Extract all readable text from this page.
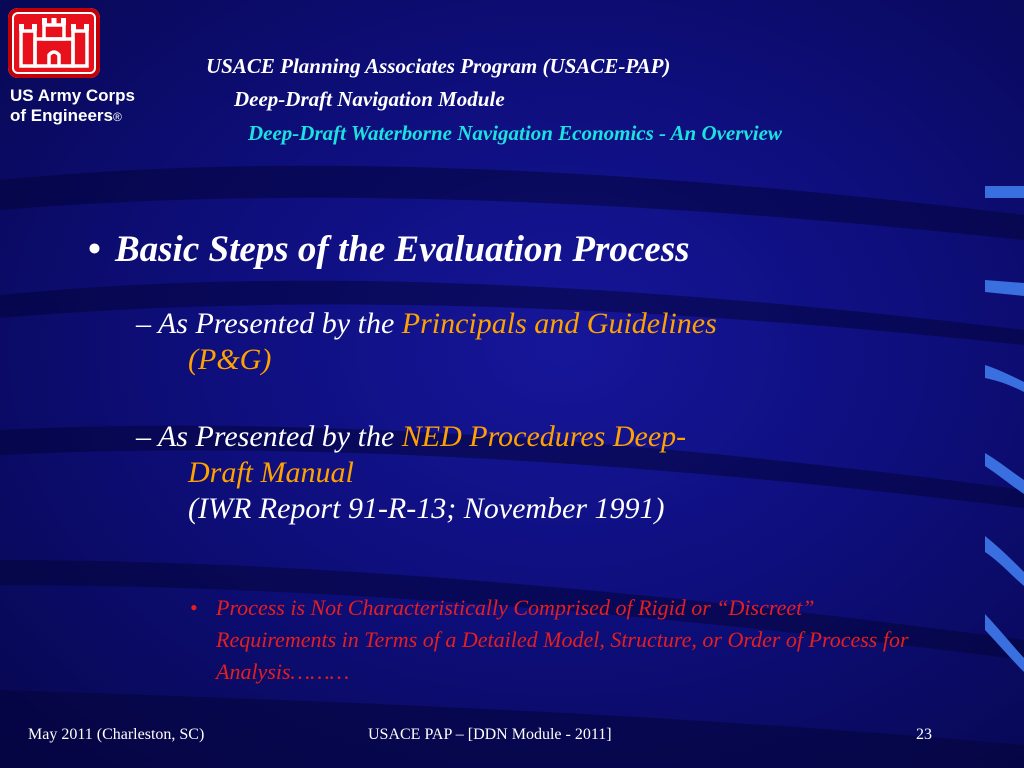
US Army Corps
of Engineers®
USACE Planning Associates Program (USACE-PAP)
Deep-Draft Navigation Module
Deep-Draft Waterborne Navigation Economics - An Overview
• Basic Steps of the Evaluation Process
– As Presented by the Principals and Guidelines
(P&G)
– As Presented by the NED Procedures Deep-
Draft Manual
(IWR Report 91-R-13; November 1991)
• Process is Not Characteristically Comprised of Rigid or “Discreet” Requirements in Terms of a Detailed Model, Structure, or Order of Process for Analysis………
May 2011 (Charleston, SC)	USACE PAP – [DDN Module - 2011]	23
